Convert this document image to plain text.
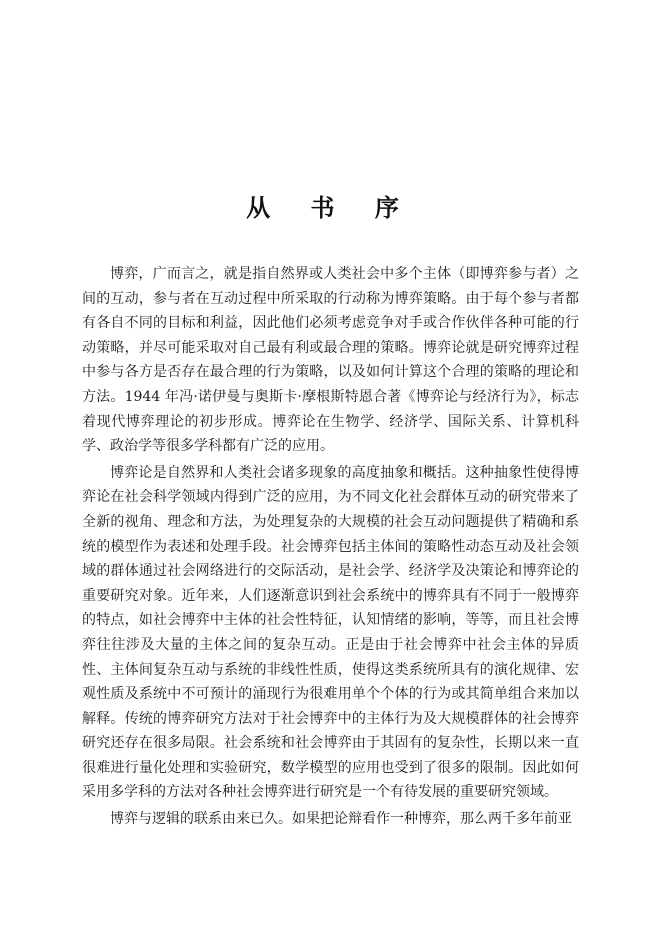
从 书 序

博弈，广而言之，就是指自然界或人类社会中多个主体（即博弈参与者）之间的互动，参与者在互动过程中所采取的行动称为博弈策略。由于每个参与者都有各自不同的目标和利益，因此他们必须考虑竞争对手或合作伙伴各种可能的行动策略，并尽可能采取对自己最有利或最合理的策略。博弈论就是研究博弈过程中参与各方是否存在最合理的行为策略，以及如何计算这个合理的策略的理论和方法。1944 年冯·诺伊曼与奥斯卡·摩根斯特恩合著《博弈论与经济行为》，标志着现代博弈理论的初步形成。博弈论在生物学、经济学、国际关系、计算机科学、政治学等很多学科都有广泛的应用。

博弈论是自然界和人类社会诸多现象的高度抽象和概括。这种抽象性使得博弈论在社会科学领域内得到广泛的应用，为不同文化社会群体互动的研究带来了全新的视角、理念和方法，为处理复杂的大规模的社会互动问题提供了精确和系统的模型作为表述和处理手段。社会博弈包括主体间的策略性动态互动及社会领域的群体通过社会网络进行的交际活动，是社会学、经济学及决策论和博弈论的重要研究对象。近年来，人们逐渐意识到社会系统中的博弈具有不同于一般博弈的特点，如社会博弈中主体的社会性特征，认知情绪的影响，等等，而且社会博弈往往涉及大量的主体之间的复杂互动。正是由于社会博弈中社会主体的异质性、主体间复杂互动与系统的非线性性质，使得这类系统所具有的演化规律、宏观性质及系统中不可预计的涌现行为很难用单个个体的行为或其简单组合来加以解释。传统的博弈研究方法对于社会博弈中的主体行为及大规模群体的社会博弈研究还存在很多局限。社会系统和社会博弈由于其固有的复杂性，长期以来一直很难进行量化处理和实验研究，数学模型的应用也受到了很多的限制。因此如何采用多学科的方法对各种社会博弈进行研究是一个有待发展的重要研究领域。

博弈与逻辑的联系由来已久。如果把论辩看作一种博弈，那么两千多年前亚
